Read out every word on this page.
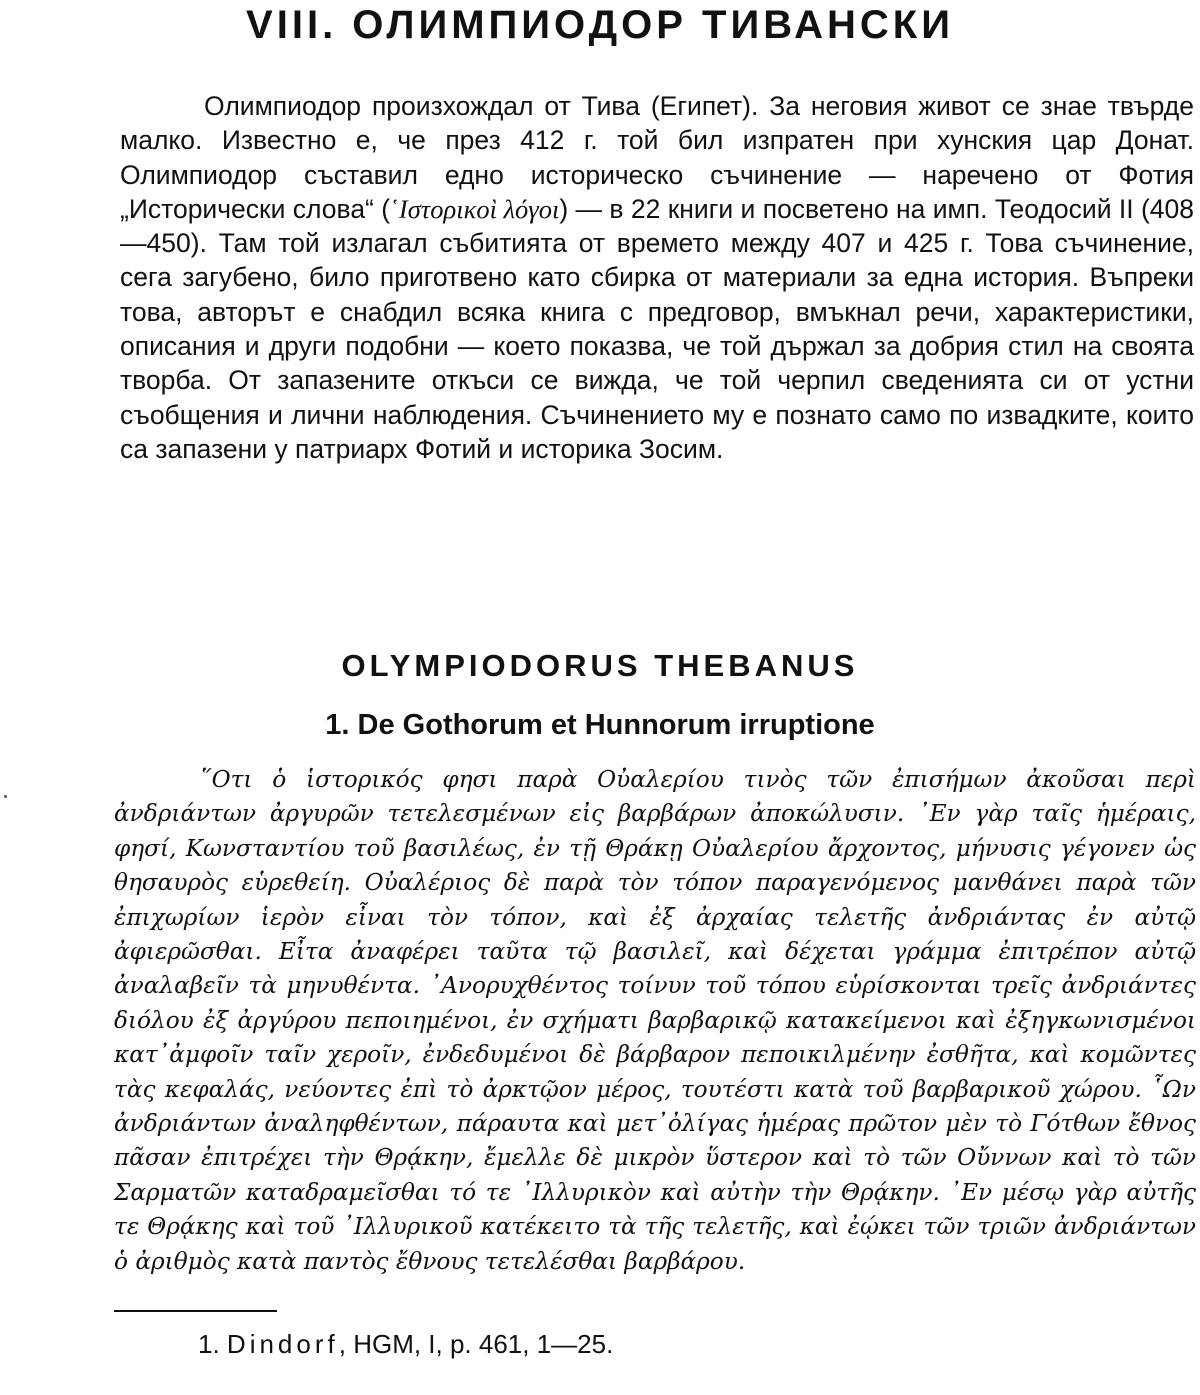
VIII. ОЛИМПИОДОР ТИВАНСКИ

Олимпиодор произхождал от Тива (Египет). За неговия живот се знае твърде малко. Известно е, че през 412 г. той бил изпратен при хунския цар Донат. Олимпиодор съставил едно историческо съчинение — наречено от Фотия „Исторически слова“ (῾Ιστορικοὶ λόγοι) — в 22 книги и посветено на имп. Теодосий II (408—450). Там той излагал събитията от времето между 407 и 425 г. Това съчинение, сега загубено, било приготвено като сбирка от материали за една история. Въпреки това, авторът е снабдил всяка книга с предговор, вмъкнал речи, характеристики, описания и други подобни — което показва, че той държал за добрия стил на своята творба. От запазените откъси се вижда, че той черпил сведенията си от устни съобщения и лични наблюдения. Съчинението му е познато само по извадките, които са запазени у патриарх Фотий и историка Зосим.

OLYMPIODORUS THEBANUS
1. De Gothorum et Hunnorum irruptione

῞Οτι ὁ ἱστορικός φησι παρὰ Οὐαλερίου τινὸς τῶν ἐπισήμων ἀκοῦσαι περὶ ἀνδριάντων ἀργυρῶν τετελεσμένων εἰς βαρβάρων ἀποκώλυσιν. ᾿Εν γὰρ ταῖς ἡμέραις, φησί, Κωνσταντίου τοῦ βασιλέως, ἐν τῇ Θράκῃ Οὐαλερίου ἄρχοντος, μήνυσις γέγονεν ὡς θησαυρὸς εὑρεθείη. Οὐαλέριος δὲ παρὰ τὸν τόπον παραγενόμενος μανθάνει παρὰ τῶν ἐπιχωρίων ἱερὸν εἶναι τὸν τόπον, καὶ ἐξ ἀρχαίας τελετῆς ἀνδριάντας ἐν αὐτῷ ἀφιερῶσθαι. Εἶτα ἀναφέρει ταῦτα τῷ βασιλεῖ, καὶ δέχεται γράμμα ἐπιτρέπον αὐτῷ ἀναλαβεῖν τὰ μηνυθέντα. ᾿Ανορυχθέντος τοίνυν τοῦ τόπου εὑρίσκονται τρεῖς ἀνδριάντες διόλου ἐξ ἀργύρου πεποιημένοι, ἐν σχήματι βαρβαρικῷ κατακείμενοι καὶ ἐξηγκωνισμένοι κατ᾿ἀμφοῖν ταῖν χεροῖν, ἐνδεδυμένοι δὲ βάρβαρον πεποικιλμένην ἐσθῆτα, καὶ κομῶντες τὰς κεφαλάς, νεύοντες ἐπὶ τὸ ἀρκτῷον μέρος, τουτέστι κατὰ τοῦ βαρβαρικοῦ χώρου. ῟Ων ἀνδριάντων ἀναληφθέντων, πάραυτα καὶ μετ᾿ὀλίγας ἡμέρας πρῶτον μὲν τὸ Γότθων ἔθνος πᾶσαν ἐπιτρέχει τὴν Θρᾴκην, ἔμελλε δὲ μικρὸν ὕστερον καὶ τὸ τῶν Οὔννων καὶ τὸ τῶν Σαρματῶν καταδραμεῖσθαι τό τε ᾿Ιλλυρικὸν καὶ αὐτὴν τὴν Θρᾴκην. ᾿Εν μέσῳ γὰρ αὐτῆς τε Θρᾴκης καὶ τοῦ ᾿Ιλλυρικοῦ κατέκειτο τὰ τῆς τελετῆς, καὶ ἐῴκει τῶν τριῶν ἀνδριάντων ὁ ἀριθμὸς κατὰ παντὸς ἔθνους τετελέσθαι βαρβάρου.

1. Dindorf, HGM, I, p. 461, 1—25.
